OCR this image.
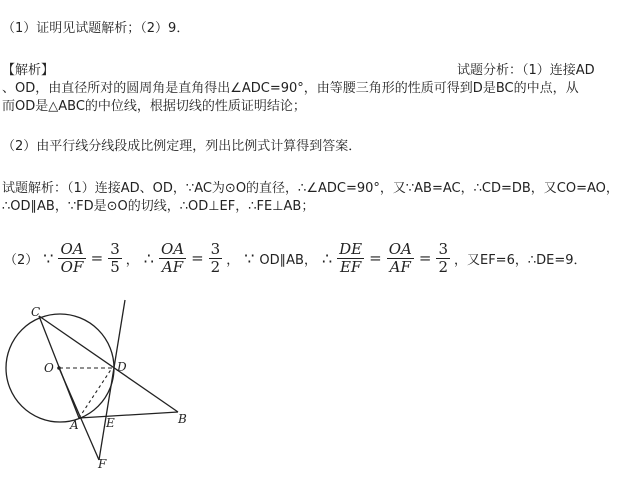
（1）证明见试题解析；（2）9．
【解析】	试题分析：（1）连接AD
、OD，由直径所对的圆周角是直角得出∠ADC=90°，由等腰三角形的性质可得到D是BC的中点，从
而OD是△ABC的中位线，根据切线的性质证明结论；
（2）由平行线分线段成比例定理，列出比例式计算得到答案．
试题解析：（1）连接AD、OD，∵AC为⊙O的直径，∴∠ADC=90°，又∵AB=AC，∴CD=DB，又CO=AO，
∴OD∥AB，∵FD是⊙O的切线，∴OD⊥EF，∴FE⊥AB；
（2） ∵ $\frac{OA}{OF} = \frac{3}{5}$ ， ∴ $\frac{OA}{AF} = \frac{3}{2}$ ， ∵ OD∥AB， ∴ $\frac{DE}{EF} = \frac{OA}{AF} = \frac{3}{2}$ ，又EF=6，∴DE=9．
C
O	D
A E	B
F
